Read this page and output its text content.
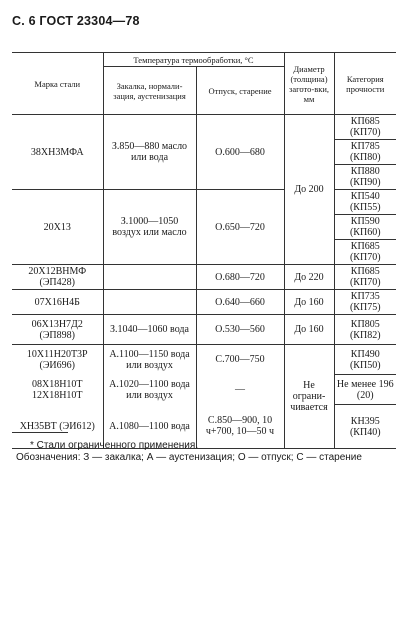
С. 6 ГОСТ 23304—78
Марка стали	Температура термообработки, °С		Диаметр (толщина) загото-вки, мм	Категория прочности
	Закалка, нормали-зация, аустенизация	Отпуск, старение		
38ХН3МФА	З.850—880 масло или вода	О.600—680	До 200	КП685 (КП70)
				КП785 (КП80)
				КП880 (КП90)
20Х13	З.1000—1050 воздух или масло	О.650—720		КП540 (КП55)
				КП590 (КП60)
				КП685 (КП70)
20Х12ВНМФ (ЭП428)		О.680—720	До 220	КП685 (КП70)
07Х16Н4Б		О.640—660	До 160	КП735 (КП75)
06Х13Н7Д2 (ЭП898)	З.1040—1060 вода	О.530—560	До 160	КП805 (КП82)
10Х11Н20Т3Р (ЭИ696)	А.1100—1150 вода или воздух	С.700—750	Не ограни-чивается	КП490 (КП50)
08Х18Н10Т 12Х18Н10Т	А.1020—1100 вода или воздух	—		Не менее 196 (20)
ХН35ВТ (ЭИ612)	А.1080—1100 вода	С.850—900, 10 ч+700, 10—50 ч		КН395 (КП40)
* Стали ограниченного применения.
Обозначения: З — закалка; А — аустенизация; О — отпуск; С — старение
